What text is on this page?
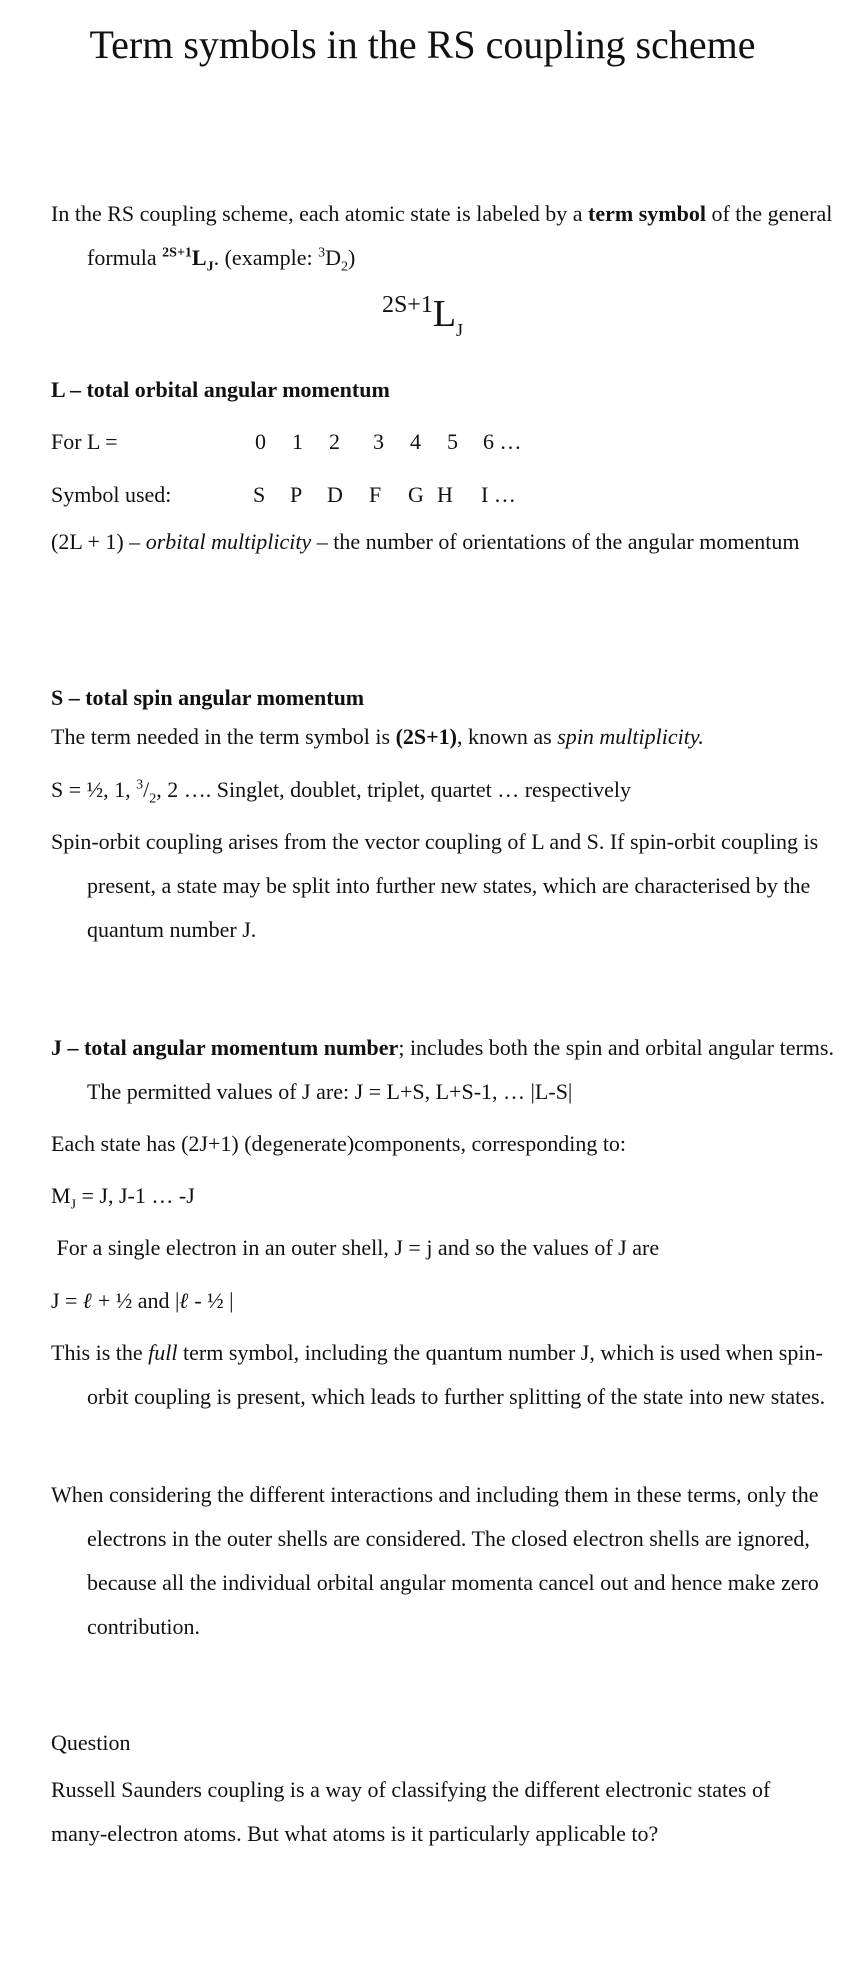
Term symbols in the RS coupling scheme
In the RS coupling scheme, each atomic state is labeled by a term symbol of the general formula $^{2S+1}L_J$. (example: $^3D_2$)
$2S+1L_J$
L – total orbital angular momentum
For L =	0 1 2 3 4 5 6 …
Symbol used:	S P D F G H I …
(2L + 1) – orbital multiplicity – the number of orientations of the angular momentum
S – total spin angular momentum
The term needed in the term symbol is (2S+1), known as spin multiplicity.
S = ½, 1, $^3/_2$, 2 …. Singlet, doublet, triplet, quartet … respectively
Spin-orbit coupling arises from the vector coupling of L and S. If spin-orbit coupling is present, a state may be split into further new states, which are characterised by the quantum number J.
J – total angular momentum number; includes both the spin and orbital angular terms. The permitted values of J are: J = L+S, L+S-1, … |L-S|
Each state has (2J+1) (degenerate)components, corresponding to:
$M_J = J$, J-1 … -J
For a single electron in an outer shell, J = j and so the values of J are
J = ℓ + ½ and |ℓ - ½ |
This is the full term symbol, including the quantum number J, which is used when spin-orbit coupling is present, which leads to further splitting of the state into new states.
When considering the different interactions and including them in these terms, only the electrons in the outer shells are considered. The closed electron shells are ignored, because all the individual orbital angular momenta cancel out and hence make zero contribution.
Question
Russell Saunders coupling is a way of classifying the different electronic states of many-electron atoms. But what atoms is it particularly applicable to?
